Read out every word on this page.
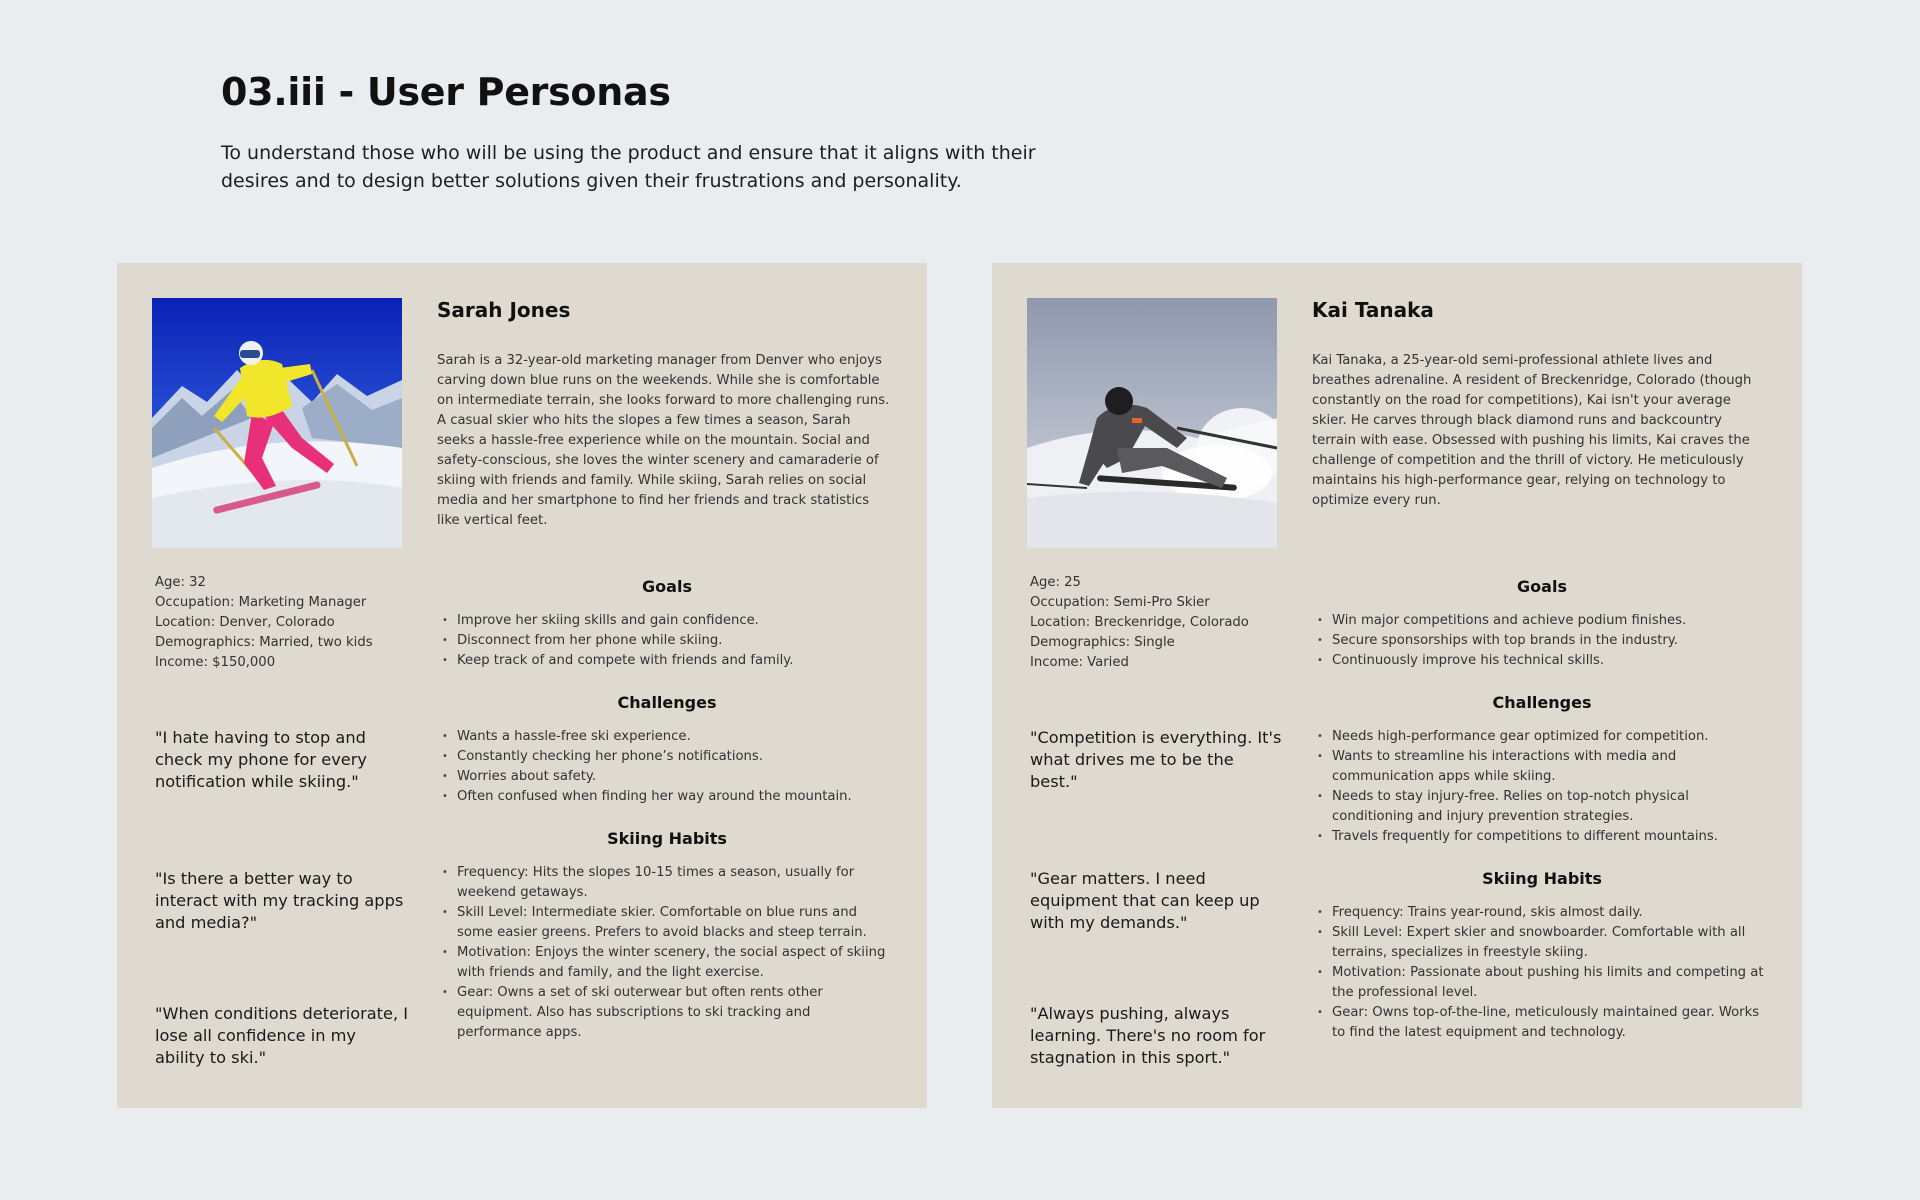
03.iii - User Personas

To understand those who will be using the product and ensure that it aligns with their desires and to design better solutions given their frustrations and personality.

Sarah Jones

Sarah is a 32-year-old marketing manager from Denver who enjoys carving down blue runs on the weekends. While she is comfortable on intermediate terrain, she looks forward to more challenging runs. A casual skier who hits the slopes a few times a season, Sarah seeks a hassle-free experience while on the mountain. Social and safety-conscious, she loves the winter scenery and camaraderie of skiing with friends and family. While skiing, Sarah relies on social media and her smartphone to find her friends and track statistics like vertical feet.

Age: 32
Occupation: Marketing Manager
Location: Denver, Colorado
Demographics: Married, two kids
Income: $150,000

"I hate having to stop and check my phone for every notification while skiing."

"Is there a better way to interact with my tracking apps and media?"

"When conditions deteriorate, I lose all confidence in my ability to ski."

Goals
• Improve her skiing skills and gain confidence.
• Disconnect from her phone while skiing.
• Keep track of and compete with friends and family.
Challenges
• Wants a hassle-free ski experience.
• Constantly checking her phone’s notifications.
• Worries about safety.
• Often confused when finding her way around the mountain.
Skiing Habits
• Frequency: Hits the slopes 10-15 times a season, usually for weekend getaways.
• Skill Level: Intermediate skier. Comfortable on blue runs and some easier greens. Prefers to avoid blacks and steep terrain.
• Motivation: Enjoys the winter scenery, the social aspect of skiing with friends and family, and the light exercise.
• Gear: Owns a set of ski outerwear but often rents other equipment. Also has subscriptions to ski tracking and performance apps.
Kai Tanaka

Kai Tanaka, a 25-year-old semi-professional athlete lives and breathes adrenaline. A resident of Breckenridge, Colorado (though constantly on the road for competitions), Kai isn't your average skier. He carves through black diamond runs and backcountry terrain with ease. Obsessed with pushing his limits, Kai craves the challenge of competition and the thrill of victory. He meticulously maintains his high-performance gear, relying on technology to optimize every run.

Age: 25
Occupation: Semi-Pro Skier
Location: Breckenridge, Colorado
Demographics: Single
Income: Varied

"Competition is everything. It's what drives me to be the best."

"Gear matters. I need equipment that can keep up with my demands."

"Always pushing, always learning. There's no room for stagnation in this sport."

Goals
• Win major competitions and achieve podium finishes.
• Secure sponsorships with top brands in the industry.
• Continuously improve his technical skills.
Challenges
• Needs high-performance gear optimized for competition.
• Wants to streamline his interactions with media and communication apps while skiing.
• Needs to stay injury-free. Relies on top-notch physical conditioning and injury prevention strategies.
• Travels frequently for competitions to different mountains.
Skiing Habits
• Frequency: Trains year-round, skis almost daily.
• Skill Level: Expert skier and snowboarder. Comfortable with all terrains, specializes in freestyle skiing.
• Motivation: Passionate about pushing his limits and competing at the professional level.
• Gear: Owns top-of-the-line, meticulously maintained gear. Works to find the latest equipment and technology.
